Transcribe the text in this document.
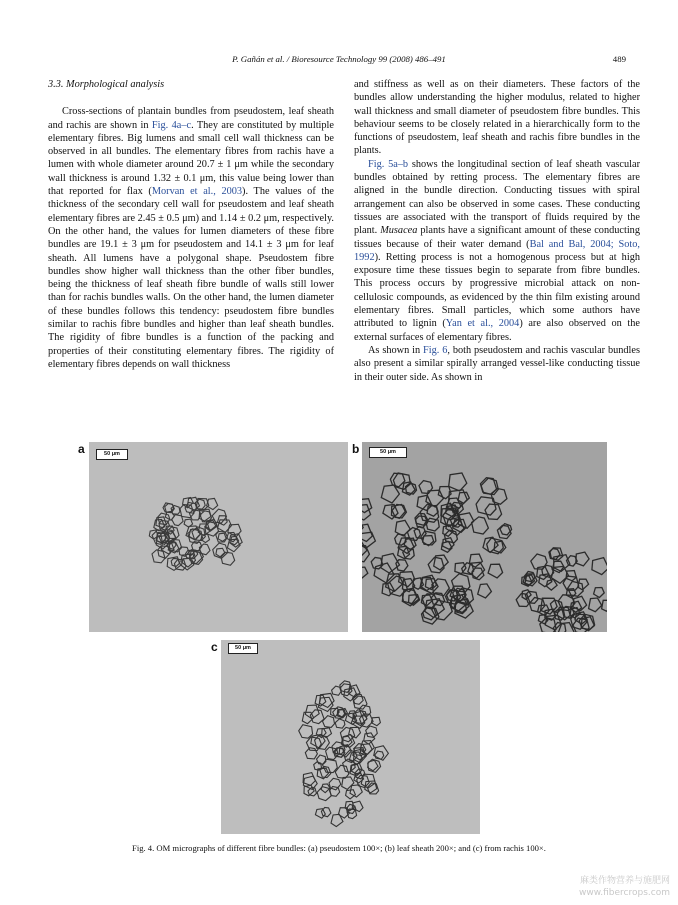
P. Gañán et al. / Bioresource Technology 99 (2008) 486–491	489

3.3. Morphological analysis

Cross-sections of plantain bundles from pseudostem, leaf sheath and rachis are shown in Fig. 4a–c. They are constituted by multiple elementary fibres. Big lumens and small cell wall thickness can be observed in all bundles. The elementary fibres from rachis have a lumen with whole diameter around 20.7 ± 1 μm while the secondary wall thickness is around 1.32 ± 0.1 μm, this value being lower than that reported for flax (Morvan et al., 2003). The values of the thickness of the secondary cell wall for pseudostem and leaf sheath elementary fibres are 2.45 ± 0.5 μm) and 1.14 ± 0.2 μm, respectively. On the other hand, the values for lumen diameters of these fibre bundles are 19.1 ± 3 μm for pseudostem and 14.1 ± 3 μm for leaf sheath. All lumens have a polygonal shape. Pseudostem fibre bundles show higher wall thickness than the other fiber bundles, being the thickness of leaf sheath fibre bundle of walls still lower than for rachis bundles walls. On the other hand, the lumen diameter of these bundles follows this tendency: pseudostem fibre bundles similar to rachis fibre bundles and higher than leaf sheath bundles. The rigidity of fibre bundles is a function of the packing and properties of their constituting elementary fibres. The rigidity of elementary fibres depends on wall thickness

and stiffness as well as on their diameters. These factors of the bundles allow understanding the higher modulus, related to higher wall thickness and small diameter of pseudostem fibre bundles. This behaviour seems to be closely related in a hierarchically form to the functions of pseudostem, leaf sheath and rachis fibre bundles in the plants.

Fig. 5a–b shows the longitudinal section of leaf sheath vascular bundles obtained by retting process. The elementary fibres are aligned in the bundle direction. Conducting tissues with spiral arrangement can also be observed in some cases. These conducting tissues are associated with the transport of fluids required by the plant. Musacea plants have a significant amount of these conducting tissues because of their water demand (Bal and Bal, 2004; Soto, 1992). Retting process is not a homogenous process but at high exposure time these tissues begin to separate from fibre bundles. This process occurs by progressive microbial attack on non-cellulosic compounds, as evidenced by the thin film existing around elementary fibres. Small particles, which some authors have attributed to lignin (Yan et al., 2004) are also observed on the external surfaces of elementary fibres.

As shown in Fig. 6, both pseudostem and rachis vascular bundles also present a similar spirally arranged vessel-like conducting tissue in their outer side. As shown in

a	50 μm	b	50 μm
c	50 μm
Fig. 4. OM micrographs of different fibre bundles: (a) pseudostem 100×; (b) leaf sheath 200×; and (c) from rachis 100×.
麻类作物营养与施肥网
www.fibercrops.com
